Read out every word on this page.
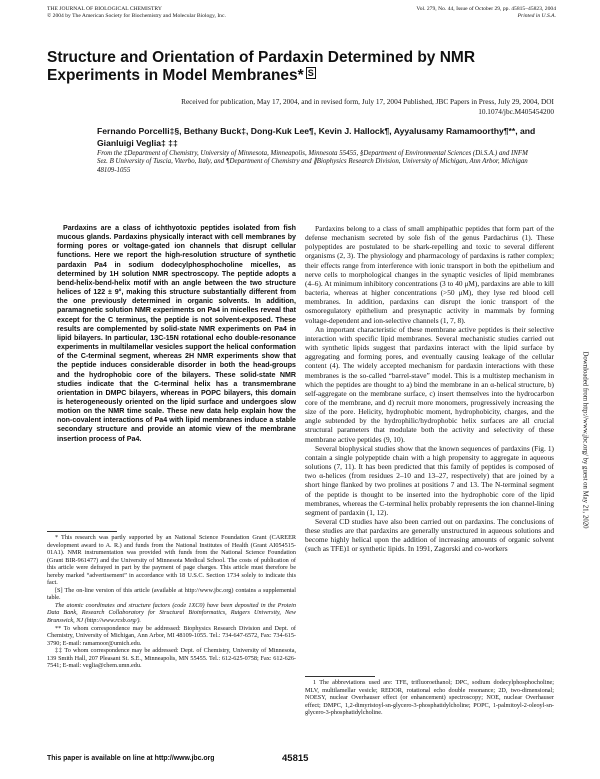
THE JOURNAL OF BIOLOGICAL CHEMISTRY
© 2004 by The American Society for Biochemistry and Molecular Biology, Inc.
Vol. 279, No. 44, Issue of October 29, pp. 45815–45823, 2004
Printed in U.S.A.
Structure and Orientation of Pardaxin Determined by NMR Experiments in Model Membranes* S
Received for publication, May 17, 2004, and in revised form, July 17, 2004 Published, JBC Papers in Press, July 29, 2004, DOI 10.1074/jbc.M405454200
Fernando Porcelli‡§, Bethany Buck‡, Dong-Kuk Lee¶, Kevin J. Hallock¶, Ayyalusamy Ramamoorthy¶**, and Gianluigi Veglia‡ ‡‡
From the ‡Department of Chemistry, University of Minnesota, Minneapolis, Minnesota 55455, §Department of Environmental Sciences (Di.S.A.) and INFM Sez. B University of Tuscia, Viterbo, Italy, and ¶Department of Chemistry and ∥Biophysics Research Division, University of Michigan, Ann Arbor, Michigan 48109-1055

Pardaxins are a class of ichthyotoxic peptides isolated from fish mucous glands. Pardaxins physically interact with cell membranes by forming pores or voltage-gated ion channels that disrupt cellular functions. Here we report the high-resolution structure of synthetic pardaxin Pa4 in sodium dodecylphosphocholine micelles, as determined by 1H solution NMR spectroscopy. The peptide adopts a bend-helix-bend-helix motif with an angle between the two structure helices of 122 ± 9°, making this structure substantially different from the one previously determined in organic solvents. In addition, paramagnetic solution NMR experiments on Pa4 in micelles reveal that except for the C terminus, the peptide is not solvent-exposed. These results are complemented by solid-state NMR experiments on Pa4 in lipid bilayers. In particular, 13C-15N rotational echo double-resonance experiments in multilamellar vesicles support the helical conformation of the C-terminal segment, whereas 2H NMR experiments show that the peptide induces considerable disorder in both the head-groups and the hydrophobic core of the bilayers. These solid-state NMR studies indicate that the C-terminal helix has a transmembrane orientation in DMPC bilayers, whereas in POPC bilayers, this domain is heterogeneously oriented on the lipid surface and undergoes slow motion on the NMR time scale. These new data help explain how the non-covalent interactions of Pa4 with lipid membranes induce a stable secondary structure and provide an atomic view of the membrane insertion process of Pa4.

* This research was partly supported by an National Science Foundation Grant (CAREER development award to A. R.) and funds from the National Institutes of Health (Grant AI054515-01A1). NMR instrumentation was provided with funds from the National Science Foundation (Grant BIR-961477) and the University of Minnesota Medical School. The costs of publication of this article were defrayed in part by the payment of page charges. This article must therefore be hereby marked “advertisement” in accordance with 18 U.S.C. Section 1734 solely to indicate this fact.

[S] The on-line version of this article (available at http://www.jbc.org) contains a supplemental table.

The atomic coordinates and structure factors (code 1XC0) have been deposited in the Protein Data Bank, Research Collaboratory for Structural Bioinformatics, Rutgers University, New Brunswick, NJ (http://www.rcsb.org/).

** To whom correspondence may be addressed: Biophysics Research Division and Dept. of Chemistry, University of Michigan, Ann Arbor, MI 48109-1055. Tel.: 734-647-6572, Fax: 734-615-3790; E-mail: ramamoor@umich.edu.

‡‡ To whom correspondence may be addressed: Dept. of Chemistry, University of Minnesota, 139 Smith Hall, 207 Pleasant St. S.E., Minneapolis, MN 55455. Tel.: 612-625-0758; Fax: 612-626-7541; E-mail: veglia@chem.umn.edu.

Pardaxins belong to a class of small amphipathic peptides that form part of the defense mechanism secreted by sole fish of the genus Pardachirus (1). These polypeptides are postulated to be shark-repelling and toxic to several different organisms (2, 3). The physiology and pharmacology of pardaxins is rather complex; their effects range from interference with ionic transport in both the epithelium and nerve cells to morphological changes in the synaptic vesicles of lipid membranes (4–6). At minimum inhibitory concentrations (3 to 40 μM), pardaxins are able to kill bacteria, whereas at higher concentrations (>50 μM), they lyse red blood cell membranes. In addition, pardaxins can disrupt the ionic transport of the osmoregulatory epithelium and presynaptic activity in mammals by forming voltage-dependent and ion-selective channels (1, 7, 8).

An important characteristic of these membrane active peptides is their selective interaction with specific lipid membranes. Several mechanistic studies carried out with synthetic lipids suggest that pardaxins interact with the lipid surface by aggregating and forming pores, and eventually causing leakage of the cellular content (4). The widely accepted mechanism for pardaxin interactions with these membranes is the so-called “barrel-stave” model. This is a multistep mechanism in which the peptides are thought to a) bind the membrane in an α-helical structure, b) self-aggregate on the membrane surface, c) insert themselves into the hydrocarbon core of the membrane, and d) recruit more monomers, progressively increasing the size of the pore. Helicity, hydrophobic moment, hydrophobicity, charges, and the angle subtended by the hydrophilic/hydrophobic helix surfaces are all crucial structural parameters that modulate both the activity and selectivity of these membrane active peptides (9, 10).

Several biophysical studies show that the known sequences of pardaxins (Fig. 1) contain a single polypeptide chain with a high propensity to aggregate in aqueous solutions (7, 11). It has been predicted that this family of peptides is composed of two α-helices (from residues 2–10 and 13–27, respectively) that are joined by a short hinge flanked by two prolines at positions 7 and 13. The N-terminal segment of the peptide is thought to be inserted into the hydrophobic core of the lipid membranes, whereas the C-terminal helix probably represents the ion channel-lining segment of pardaxin (1, 12).

Several CD studies have also been carried out on pardaxins. The conclusions of these studies are that pardaxins are generally unstructured in aqueous solutions and become highly helical upon the addition of increasing amounts of organic solvent (such as TFE)1 or synthetic lipids. In 1991, Zagorski and co-workers

1 The abbreviations used are: TFE, trifluoroethanol; DPC, sodium dodecylphosphocholine; MLV, multilamellar vesicle; REDOR, rotational echo double resonance; 2D, two-dimensional; NOESY, nuclear Overhauser effect (or enhancement) spectroscopy; NOE, nuclear Overhauser effect; DMPC, 1,2-dimyristoyl-sn-glycero-3-phosphatidylcholine; POPC, 1-palmitoyl-2-oleoyl-sn-glycero-3-phosphatidylcholine.

This paper is available on line at http://www.jbc.org	45815
Downloaded from http://www.jbc.org/ by guest on May 21, 2020
